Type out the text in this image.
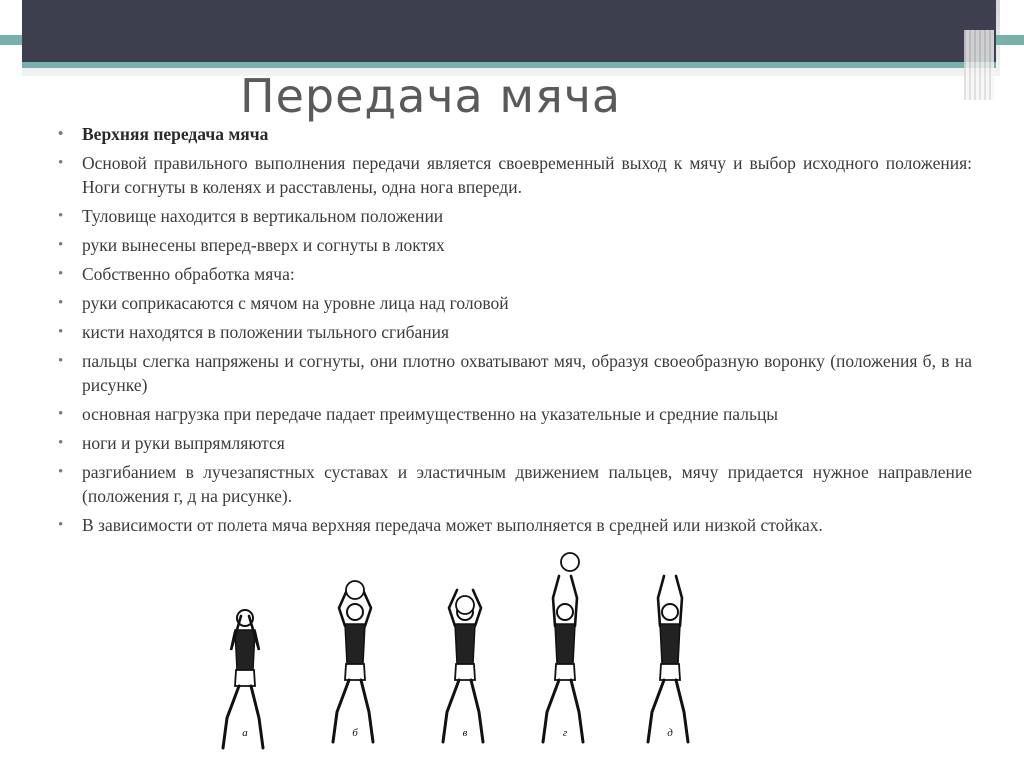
Передача мяча
• Верхняя передача мяча
• Основой правильного выполнения передачи является своевременный выход к мячу и выбор исходного положения: Ноги согнуты в коленях и расставлены, одна нога впереди.
• Туловище находится в вертикальном положении
• руки вынесены вперед-вверх и согнуты в локтях
• Собственно обработка мяча:
• руки соприкасаются с мячом на уровне лица над головой
• кисти находятся в положении тыльного сгибания
• пальцы слегка напряжены и согнуты, они плотно охватывают мяч, образуя своеобразную воронку (положения б, в на рисунке)
• основная нагрузка при передаче падает преимущественно на указательные и средние пальцы
• ноги и руки выпрямляются
• разгибанием в лучезапястных суставах и эластичным движением пальцев, мячу придается нужное направление (положения г, д на рисунке).
• В зависимости от полета мяча верхняя передача может выполняется в средней или низкой стойках.
а	б	в	г	д
